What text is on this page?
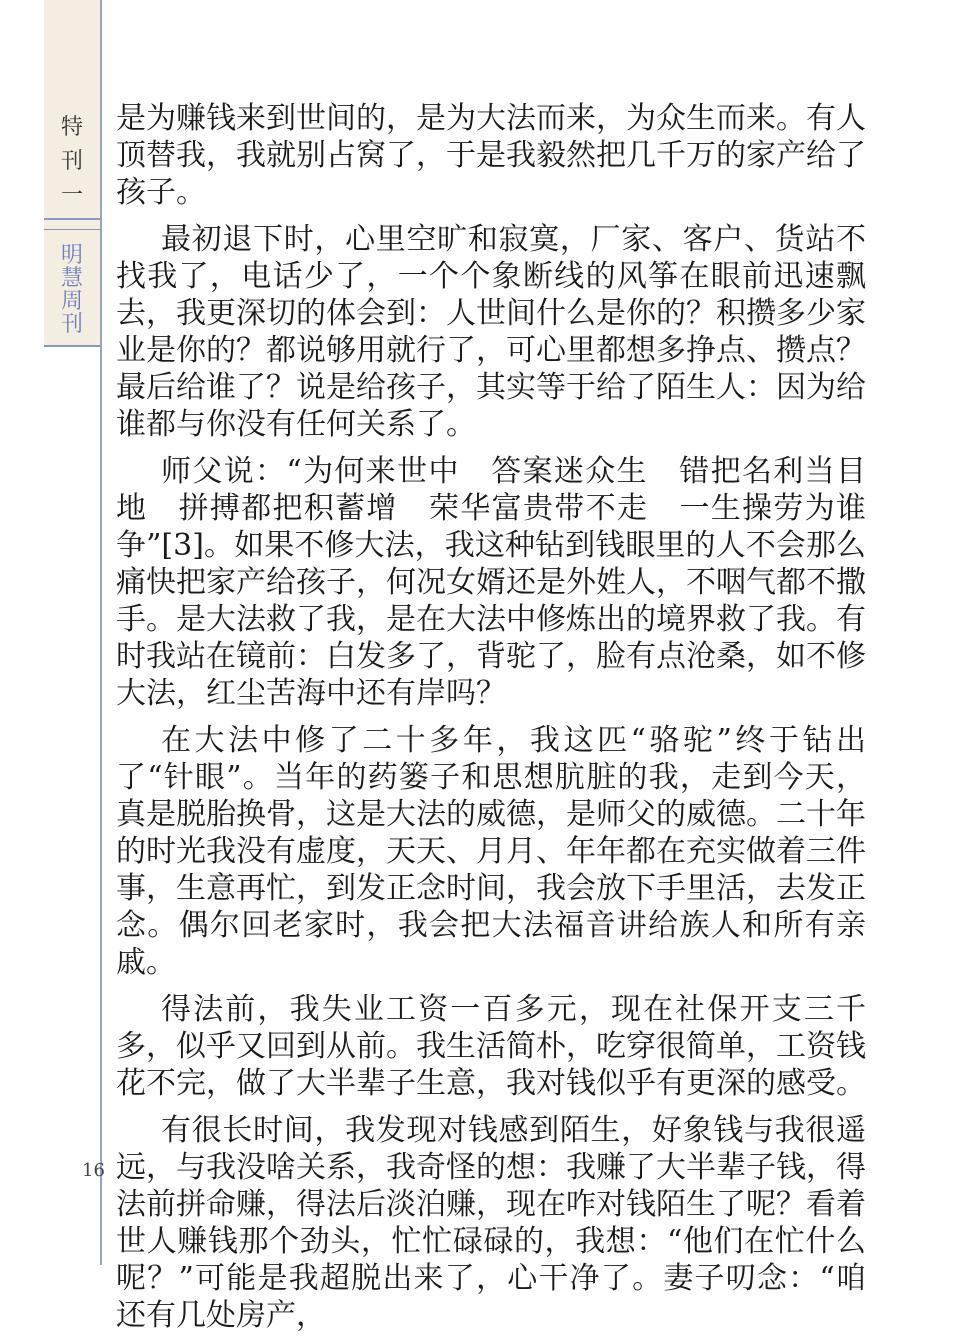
特
刊
一
明
慧
周
刊
16

是为赚钱来到世间的，是为大法而来，为众生而来。有人顶替我，我就别占窝了，于是我毅然把几千万的家产给了孩子。

最初退下时，心里空旷和寂寞，厂家、客户、货站不找我了，电话少了，一个个象断线的风筝在眼前迅速飘去，我更深切的体会到：人世间什么是你的？积攒多少家业是你的？都说够用就行了，可心里都想多挣点、攒点？最后给谁了？说是给孩子，其实等于给了陌生人：因为给谁都与你没有任何关系了。

师父说：“为何来世中　答案迷众生　错把名利当目地　拼搏都把积蓄增　荣华富贵带不走　一生操劳为谁争”[3]。如果不修大法，我这种钻到钱眼里的人不会那么痛快把家产给孩子，何况女婿还是外姓人，不咽气都不撒手。是大法救了我，是在大法中修炼出的境界救了我。有时我站在镜前：白发多了，背驼了，脸有点沧桑，如不修大法，红尘苦海中还有岸吗？

在大法中修了二十多年，我这匹“骆驼”终于钻出了“针眼”。当年的药篓子和思想肮脏的我，走到今天，真是脱胎换骨，这是大法的威德，是师父的威德。二十年的时光我没有虚度，天天、月月、年年都在充实做着三件事，生意再忙，到发正念时间，我会放下手里活，去发正念。偶尔回老家时，我会把大法福音讲给族人和所有亲戚。

得法前，我失业工资一百多元，现在社保开支三千多，似乎又回到从前。我生活简朴，吃穿很简单，工资钱花不完，做了大半辈子生意，我对钱似乎有更深的感受。

有很长时间，我发现对钱感到陌生，好象钱与我很遥远，与我没啥关系，我奇怪的想：我赚了大半辈子钱，得法前拼命赚，得法后淡泊赚，现在咋对钱陌生了呢？看着世人赚钱那个劲头，忙忙碌碌的，我想：“他们在忙什么呢？”可能是我超脱出来了，心干净了。妻子叨念：“咱还有几处房产，
